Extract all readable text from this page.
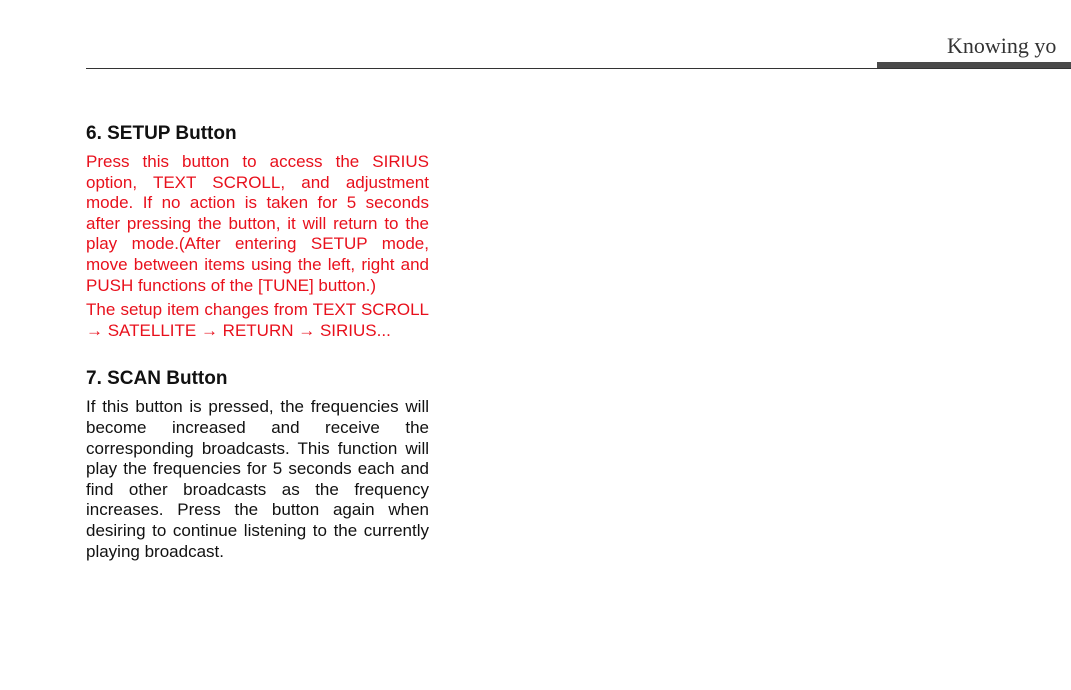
Knowing yo
6. SETUP Button

Press this button to access the SIRIUS option, TEXT SCROLL, and adjustment mode. If no action is taken for 5 seconds after pressing the button, it will return to the play mode.(After entering SETUP mode, move between items using the left, right and PUSH functions of the [TUNE] button.)

The setup item changes from TEXT SCROLL → SATELLITE → RETURN → SIRIUS...

7. SCAN Button

If this button is pressed, the frequencies will become increased and receive the corresponding broadcasts. This function will play the frequencies for 5 seconds each and find other broadcasts as the frequency increases. Press the button again when desiring to continue listening to the currently playing broadcast.
